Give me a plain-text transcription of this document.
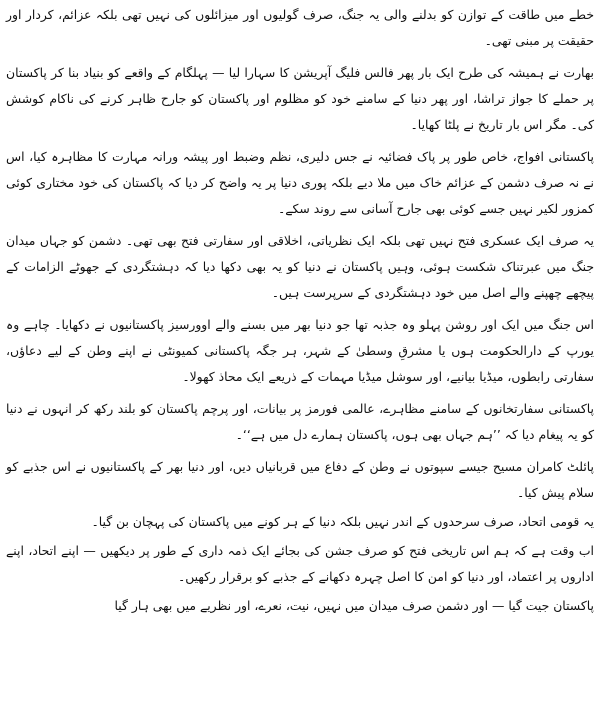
خطے میں طاقت کے توازن کو بدلنے والی یہ جنگ، صرف گولیوں اور میزائلوں کی نہیں تھی بلکہ عزائم، کردار اور حقیقت پر مبنی تھی۔

بھارت نے ہمیشہ کی طرح ایک بار پھر فالس فلیگ آپریشن کا سہارا لیا — پہلگام کے واقعے کو بنیاد بنا کر پاکستان پر حملے کا جواز تراشا، اور پھر دنیا کے سامنے خود کو مظلوم اور پاکستان کو جارح ظاہر کرنے کی ناکام کوشش کی۔ مگر اس بار تاریخ نے پلٹا کھایا۔

پاکستانی افواج، خاص طور پر پاک فضائیہ نے جس دلیری، نظم وضبط اور پیشہ ورانہ مہارت کا مظاہرہ کیا، اس نے نہ صرف دشمن کے عزائم خاک میں ملا دیے بلکہ پوری دنیا پر یہ واضح کر دیا کہ پاکستان کی خود مختاری کوئی کمزور لکیر نہیں جسے کوئی بھی جارح آسانی سے روند سکے۔

یہ صرف ایک عسکری فتح نہیں تھی بلکہ ایک نظریاتی، اخلاقی اور سفارتی فتح بھی تھی۔ دشمن کو جہاں میدان جنگ میں عبرتناک شکست ہوئی، وہیں پاکستان نے دنیا کو یہ بھی دکھا دیا کہ دہشتگردی کے جھوٹے الزامات کے پیچھے چھپنے والے اصل میں خود دہشتگردی کے سرپرست ہیں۔

اس جنگ میں ایک اور روشن پہلو وہ جذبہ تھا جو دنیا بھر میں بسنے والے اوورسیز پاکستانیوں نے دکھایا۔ چاہے وہ یورپ کے دارالحکومت ہوں یا مشرقِ وسطیٰ کے شہر، ہر جگہ پاکستانی کمیونٹی نے اپنے وطن کے لیے دعاؤں، سفارتی رابطوں، میڈیا بیانیے، اور سوشل میڈیا مہمات کے ذریعے ایک محاذ کھولا۔

پاکستانی سفارتخانوں کے سامنے مظاہرے، عالمی فورمز پر بیانات، اور پرچم پاکستان کو بلند رکھ کر انہوں نے دنیا کو یہ پیغام دیا کہ ’’ہم جہاں بھی ہوں، پاکستان ہمارے دل میں ہے‘‘۔

پائلٹ کامران مسیح جیسے سپوتوں نے وطن کے دفاع میں قربانیاں دیں، اور دنیا بھر کے پاکستانیوں نے اس جذبے کو سلام پیش کیا۔

یہ قومی اتحاد، صرف سرحدوں کے اندر نہیں بلکہ دنیا کے ہر کونے میں پاکستان کی پہچان بن گیا۔

اب وقت ہے کہ ہم اس تاریخی فتح کو صرف جشن کی بجائے ایک ذمہ داری کے طور پر دیکھیں — اپنے اتحاد، اپنے اداروں پر اعتماد، اور دنیا کو امن کا اصل چہرہ دکھانے کے جذبے کو برقرار رکھیں۔

پاکستان جیت گیا — اور دشمن صرف میدان میں نہیں، نیت، نعرے، اور نظریے میں بھی ہار گیا
